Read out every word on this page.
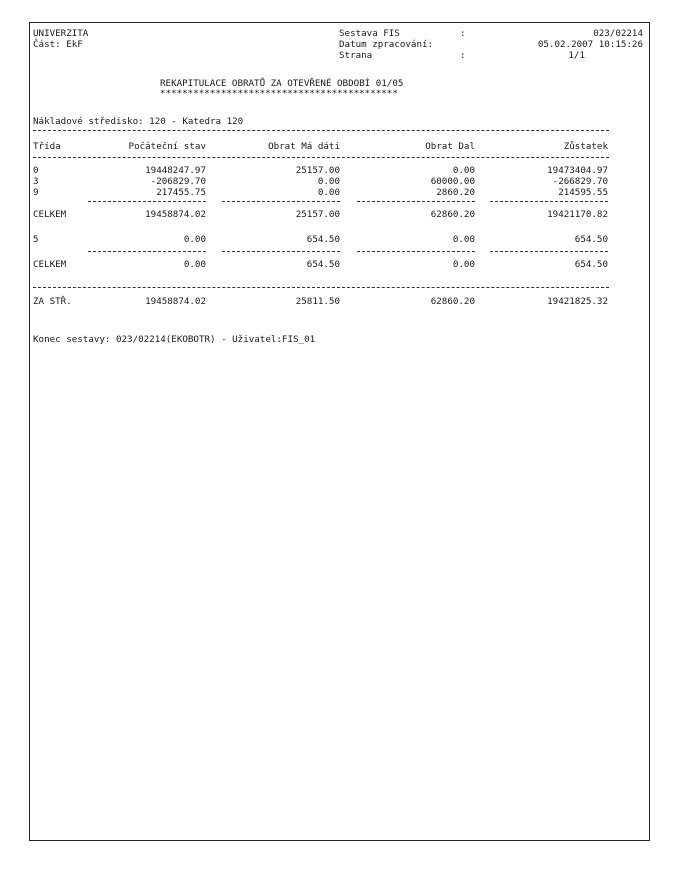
UNIVERZITA
Část: EkF
Sestava FIS	:	023/02214
Datum zpracování:	05.02.2007 10:15:26
Strana	:	1/1
REKAPITULACE OBRATŮ ZA OTEVŘENÉ OBDOBÍ 01/05
*******************************************
Nákladové středisko: 120 - Katedra 120
Třída	Počáteční stav	Obrat Má dáti	Obrat Dal	Zůstatek
0	19448247.97	25157.00	0.00	19473404.97
3	-206829.70	0.00	60000.00	-266829.70
9	217455.75	0.00	2860.20	214595.55
CELKEM	19458874.02	25157.00	62860.20	19421170.82
5	0.00	654.50	0.00	654.50
CELKEM	0.00	654.50	0.00	654.50
ZA STŘ.	19458874.02	25811.50	62860.20	19421825.32
Konec sestavy: 023/02214(EKOBOTR) - Uživatel:FIS_01
